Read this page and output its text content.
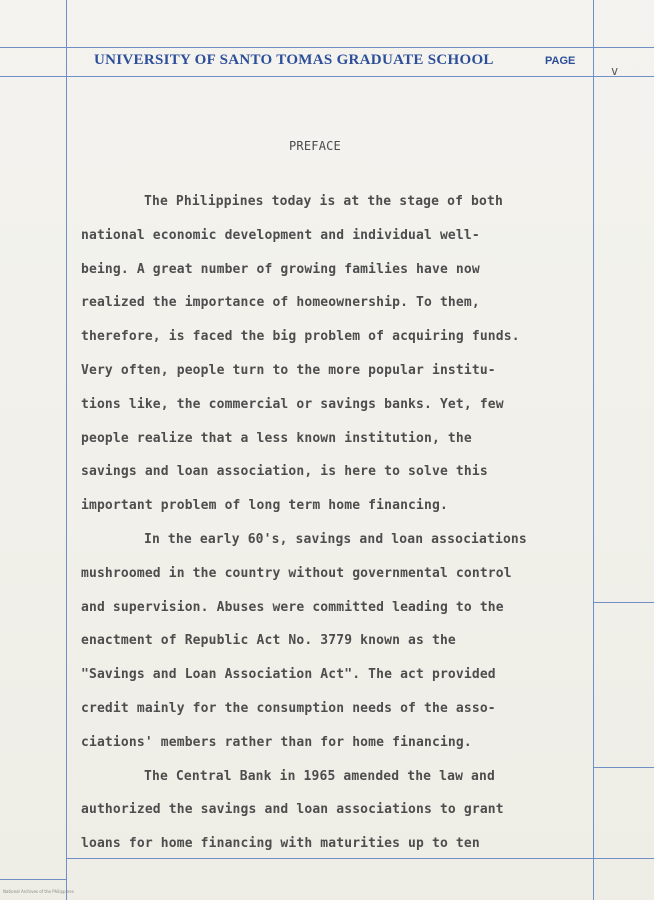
UNIVERSITY OF SANTO TOMAS GRADUATE SCHOOL	PAGE
v
PREFACE
The Philippines today is at the stage of both
national economic development and individual well-
being. A great number of growing families have now
realized the importance of homeownership. To them,
therefore, is faced the big problem of acquiring funds.
Very often, people turn to the more popular institu-
tions like, the commercial or savings banks. Yet, few
people realize that a less known institution, the
savings and loan association, is here to solve this
important problem of long term home financing.
In the early 60's, savings and loan associations
mushroomed in the country without governmental control
and supervision. Abuses were committed leading to the
enactment of Republic Act No. 3779 known as the
"Savings and Loan Association Act". The act provided
credit mainly for the consumption needs of the asso-
ciations' members rather than for home financing.
The Central Bank in 1965 amended the law and
authorized the savings and loan associations to grant
loans for home financing with maturities up to ten
National Archives of the Philippines
